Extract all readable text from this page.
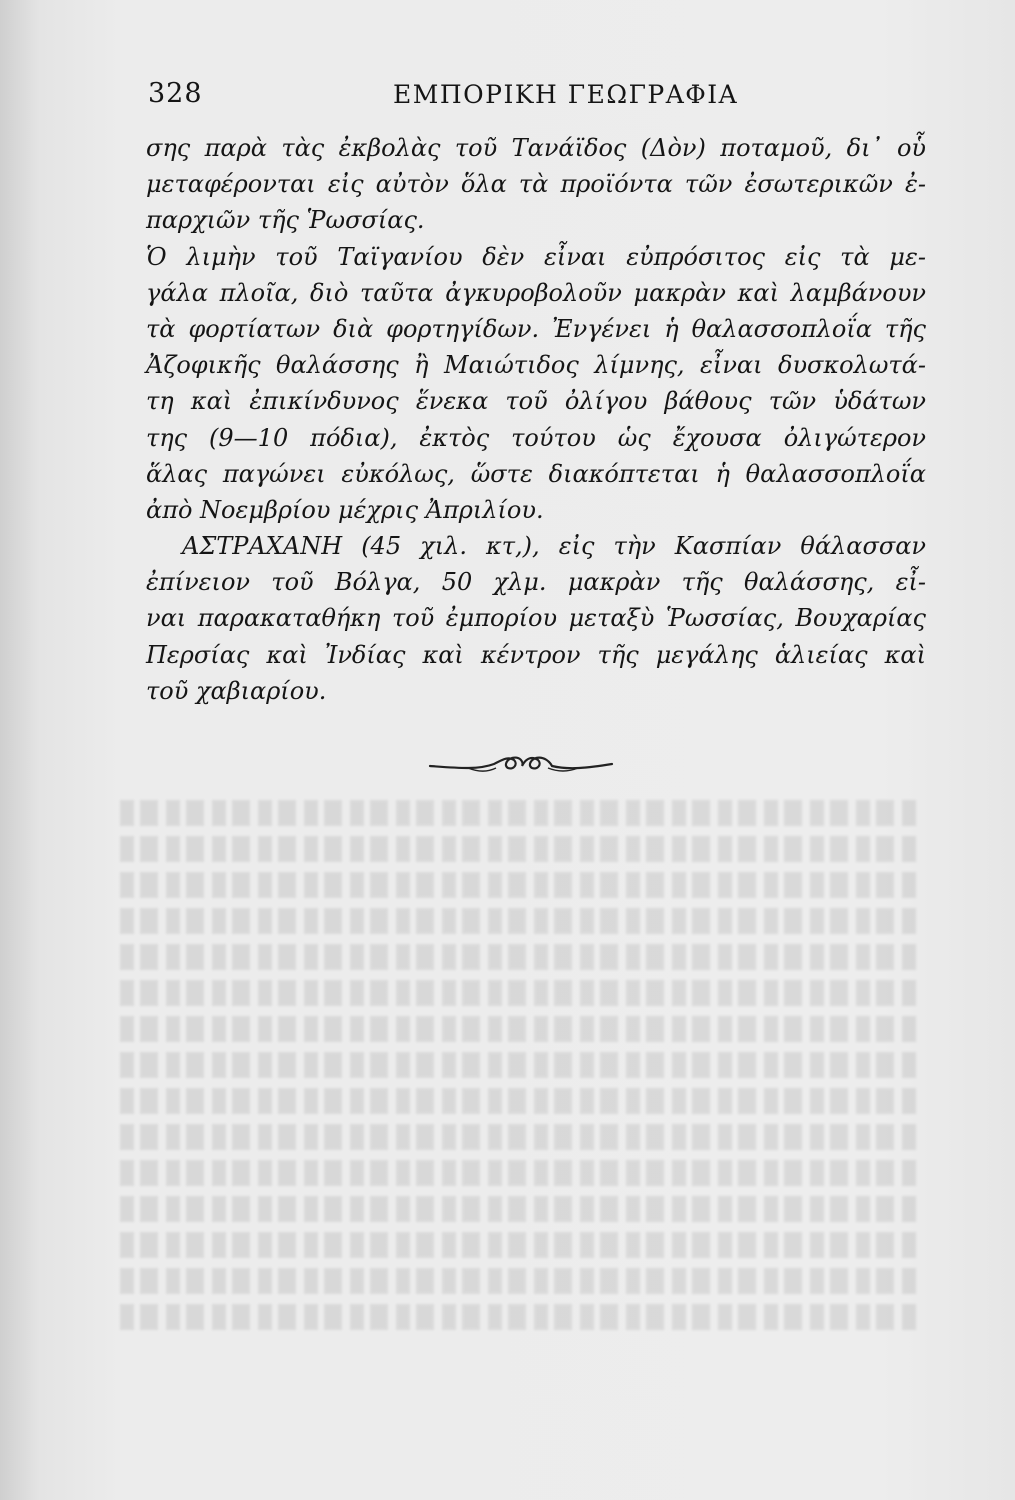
328	ΕΜΠΟΡΙΚΗ ΓΕΩΓΡΑΦΙΑ
σης παρὰ τὰς ἐκβολὰς τοῦ Τανάϊδος (Δὸν) ποταμοῦ, δι᾽ οὗ
μεταφέρονται εἰς αὐτὸν ὅλα τὰ προϊόντα τῶν ἐσωτερικῶν ἐ-
παρχιῶν τῆς Ῥωσσίας.
Ὁ λιμὴν τοῦ Ταϊγανίου δὲν εἶναι εὐπρόσιτος εἰς τὰ με-
γάλα πλοῖα, διὸ ταῦτα ἀγκυροβολοῦν μακρὰν καὶ λαμβάνουν
τὰ φορτίατων διὰ φορτηγίδων. Ἐνγένει ἡ θαλασσοπλοΐα τῆς
Ἀζοφικῆς θαλάσσης ἢ Μαιώτιδος λίμνης, εἶναι δυσκολωτά-
τη καὶ ἐπικίνδυνος ἕνεκα τοῦ ὀλίγου βάθους τῶν ὑδάτων
της (9—10 πόδια), ἐκτὸς τούτου ὡς ἔχουσα ὀλιγώτερον
ἅλας παγώνει εὐκόλως, ὥστε διακόπτεται ἡ θαλασσοπλοΐα
ἀπὸ Νοεμβρίου μέχρις Ἀπριλίου.
ΑΣΤΡΑΧΑΝΗ (45 χιλ. κτ,), εἰς τὴν Κασπίαν θάλασσαν
ἐπίνειον τοῦ Βόλγα, 50 χλμ. μακρὰν τῆς θαλάσσης, εἶ-
ναι παρακαταθήκη τοῦ ἐμπορίου μεταξὺ Ῥωσσίας, Βουχαρίας
Περσίας καὶ Ἰνδίας καὶ κέντρον τῆς μεγάλης ἁλιείας καὶ
τοῦ χαβιαρίου.
